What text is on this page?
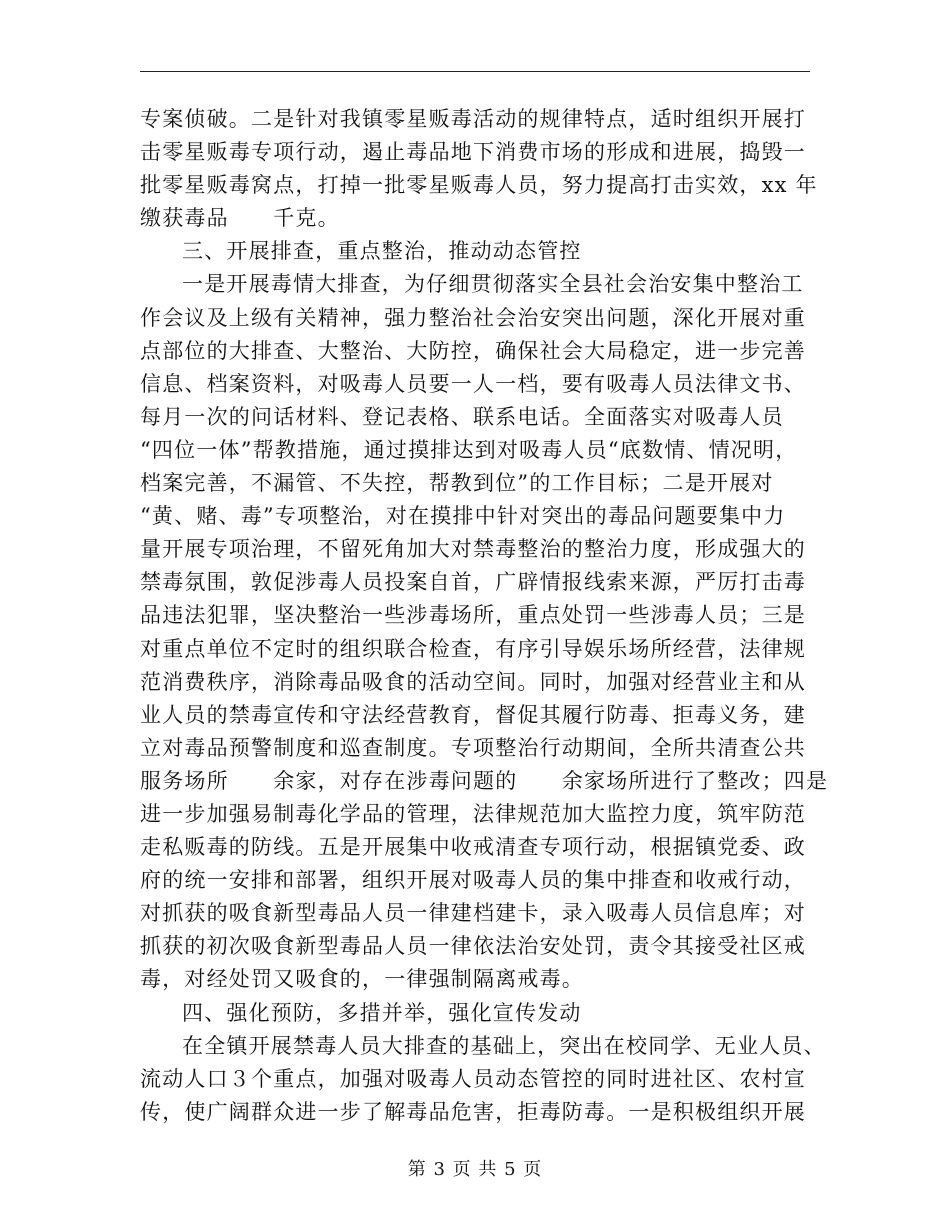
专案侦破。二是针对我镇零星贩毒活动的规律特点，适时组织开展打
击零星贩毒专项行动，遏止毒品地下消费市场的形成和进展，捣毁一
批零星贩毒窝点，打掉一批零星贩毒人员，努力提高打击实效，xx 年
缴获毒品　　千克。
三、开展排查，重点整治，推动动态管控
一是开展毒情大排查，为仔细贯彻落实全县社会治安集中整治工
作会议及上级有关精神，强力整治社会治安突出问题，深化开展对重
点部位的大排查、大整治、大防控，确保社会大局稳定，进一步完善
信息、档案资料，对吸毒人员要一人一档，要有吸毒人员法律文书、
每月一次的问话材料、登记表格、联系电话。全面落实对吸毒人员
“四位一体”帮教措施，通过摸排达到对吸毒人员“底数情、情况明，
档案完善，不漏管、不失控，帮教到位”的工作目标；二是开展对
“黄、赌、毒”专项整治，对在摸排中针对突出的毒品问题要集中力
量开展专项治理，不留死角加大对禁毒整治的整治力度，形成强大的
禁毒氛围，敦促涉毒人员投案自首，广辟情报线索来源，严厉打击毒
品违法犯罪，坚决整治一些涉毒场所，重点处罚一些涉毒人员；三是
对重点单位不定时的组织联合检查，有序引导娱乐场所经营，法律规
范消费秩序，消除毒品吸食的活动空间。同时，加强对经营业主和从
业人员的禁毒宣传和守法经营教育，督促其履行防毒、拒毒义务，建
立对毒品预警制度和巡查制度。专项整治行动期间，全所共清查公共
服务场所　　余家，对存在涉毒问题的　　余家场所进行了整改；四是
进一步加强易制毒化学品的管理，法律规范加大监控力度，筑牢防范
走私贩毒的防线。五是开展集中收戒清查专项行动，根据镇党委、政
府的统一安排和部署，组织开展对吸毒人员的集中排查和收戒行动，
对抓获的吸食新型毒品人员一律建档建卡，录入吸毒人员信息库；对
抓获的初次吸食新型毒品人员一律依法治安处罚，责令其接受社区戒
毒，对经处罚又吸食的，一律强制隔离戒毒。
四、强化预防，多措并举，强化宣传发动
在全镇开展禁毒人员大排查的基础上，突出在校同学、无业人员、
流动人口３个重点，加强对吸毒人员动态管控的同时进社区、农村宣
传，使广阔群众进一步了解毒品危害，拒毒防毒。一是积极组织开展
第 3 页 共 5 页
